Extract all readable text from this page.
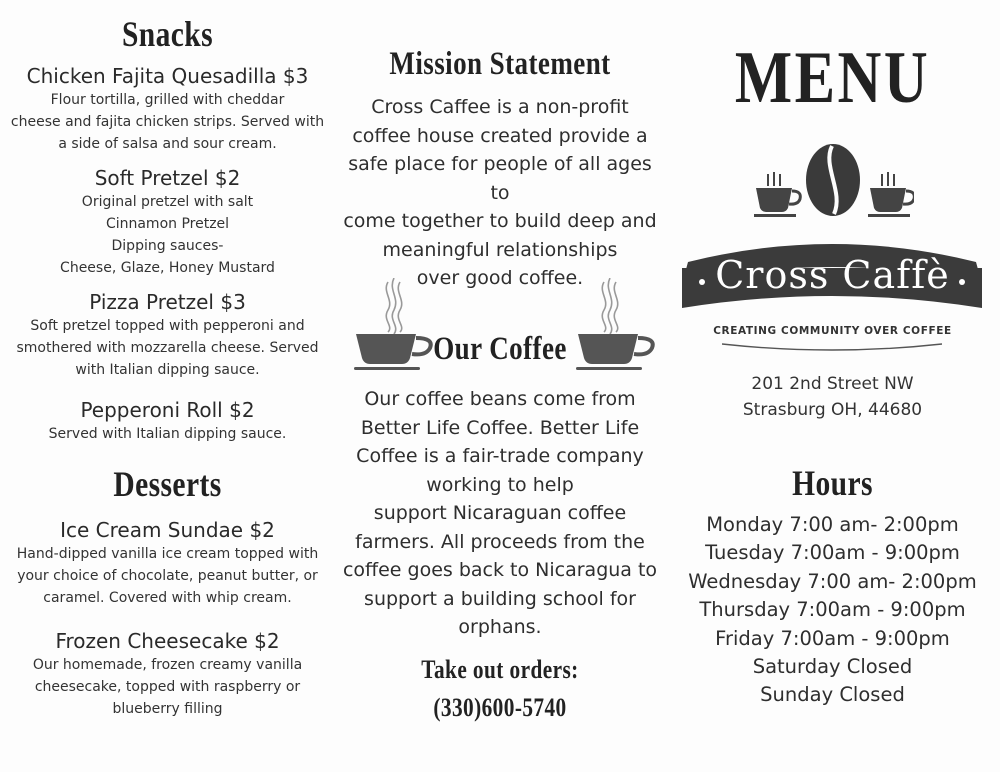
Snacks

Chicken Fajita Quesadilla $3

Flour tortilla, grilled with cheddar

cheese and fajita chicken strips. Served with

a side of salsa and sour cream.

Soft Pretzel $2

Original pretzel with salt

Cinnamon Pretzel

Dipping sauces-

Cheese, Glaze, Honey Mustard

Pizza Pretzel $3

Soft pretzel topped with pepperoni and

smothered with mozzarella cheese. Served

with Italian dipping sauce.

Pepperoni Roll $2

Served with Italian dipping sauce.

Desserts

Ice Cream Sundae $2

Hand-dipped vanilla ice cream topped with

your choice of chocolate, peanut butter, or

caramel. Covered with whip cream.

Frozen Cheesecake $2

Our homemade, frozen creamy vanilla

cheesecake, topped with raspberry or

blueberry filling

Mission Statement
Cross Caffee is a non-profit
coffee house created provide a
safe place for people of all ages to
come together to build deep and
meaningful relationships
over good coffee.
Our Coffee
Our coffee beans come from
Better Life Coffee. Better Life
Coffee is a fair-trade company
working to help
support Nicaraguan coffee
farmers. All proceeds from the
coffee goes back to Nicaragua to
support a building school for
orphans.
Take out orders:
(330)600-5740
MENU
Cross Caffè
CREATING COMMUNITY OVER COFFEE
201 2nd Street NW
Strasburg OH, 44680
Hours
Monday 7:00 am- 2:00pm
Tuesday 7:00am - 9:00pm
Wednesday 7:00 am- 2:00pm
Thursday 7:00am - 9:00pm
Friday 7:00am - 9:00pm
Saturday Closed
Sunday Closed
